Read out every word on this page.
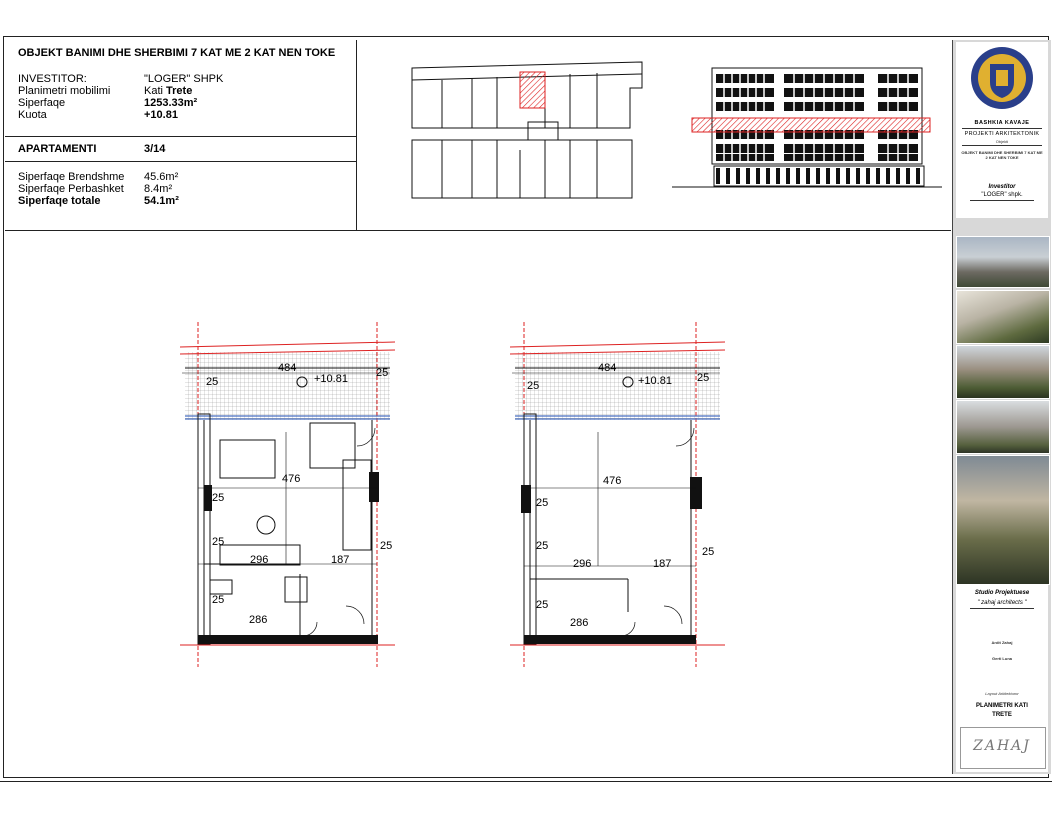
OBJEKT BANIMI DHE SHERBIMI 7 KAT ME 2 KAT NEN TOKE
INVESTITOR:	"LOGER" SHPK
Planimetri mobilimi	Kati Trete
Siperfaqe	1253.33m²
Kuota	+10.81
APARTAMENTI	3/14
Siperfaqe Brendshme 45.6m²
Siperfaqe Perbashket 8.4m²
Siperfaqe totale	54.1m²
484
+10.81
476
296	187
286
25
25
25
25
25
25
484
+10.81
476
296	187
286
25
25
25
25
25
25
BASHKIA KAVAJE
PROJEKTI ARKITEKTONIK
Objekti
OBJEKT BANIMI DHE SHERBIMI 7 KAT ME 2 KAT NEN TOKE
Investitor
"LOGER" shpk.
Studio Projektuese
" zahaj architects "
Ardit Zahaj
Gerti Luna
Layout Arkitekturor
PLANIMETRI KATI
TRETE
ZAHAJ
